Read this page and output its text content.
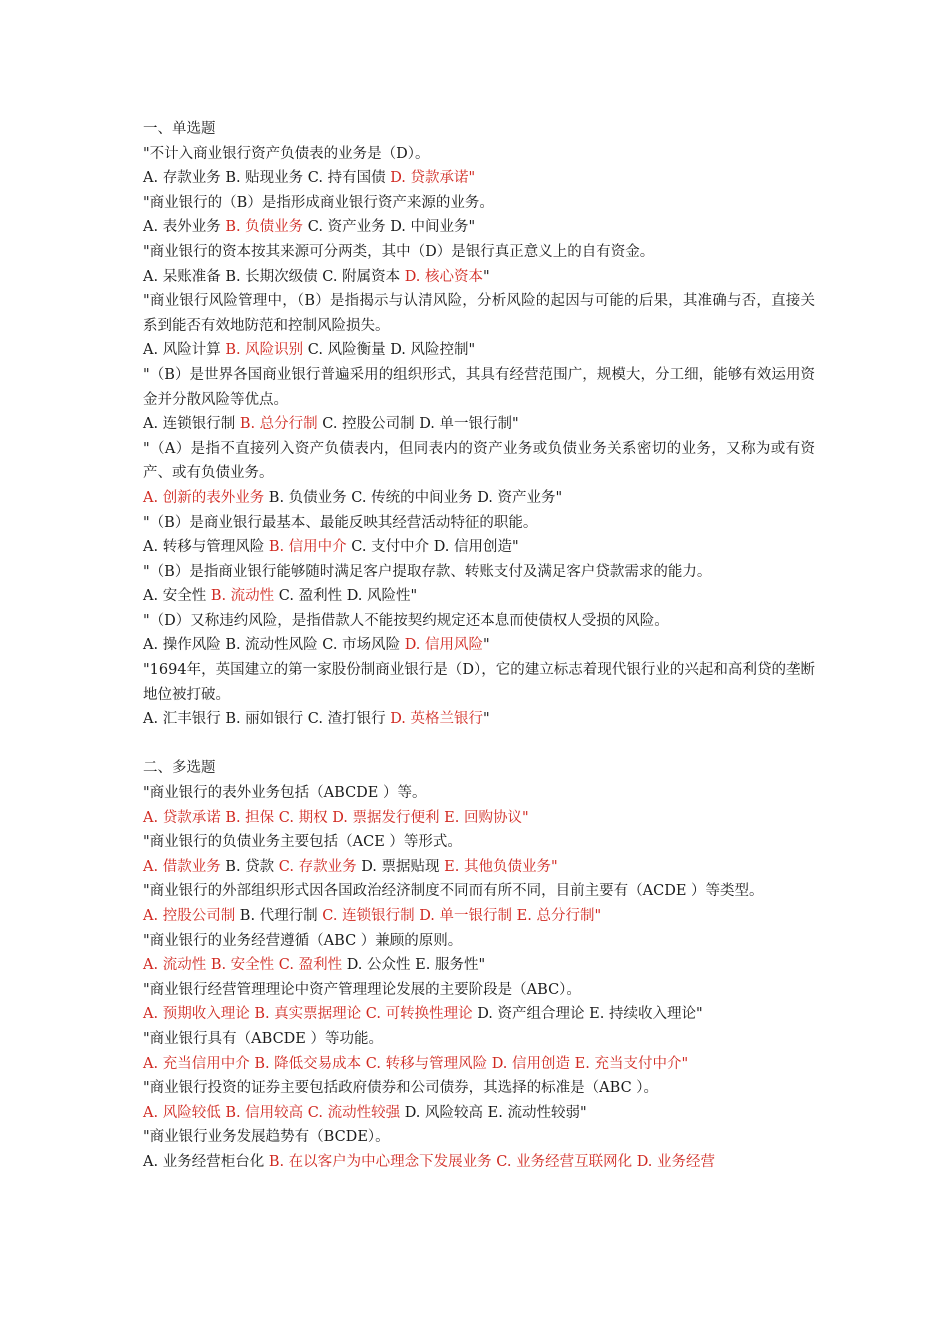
一、单选题

"不计入商业银行资产负债表的业务是（D）。

A. 存款业务 B. 贴现业务 C. 持有国债 D. 贷款承诺"

"商业银行的（B）是指形成商业银行资产来源的业务。

A. 表外业务 B. 负债业务 C. 资产业务 D. 中间业务"

"商业银行的资本按其来源可分两类，其中（D）是银行真正意义上的自有资金。

A. 呆账准备 B. 长期次级债 C. 附属资本 D. 核心资本"

"商业银行风险管理中，（B）是指揭示与认清风险，分析风险的起因与可能的后果，其准确与否，直接关系到能否有效地防范和控制风险损失。

A. 风险计算 B. 风险识别 C. 风险衡量 D. 风险控制"

"（B）是世界各国商业银行普遍采用的组织形式，其具有经营范围广，规模大，分工细，能够有效运用资金并分散风险等优点。

A. 连锁银行制 B. 总分行制 C. 控股公司制 D. 单一银行制"

"（A）是指不直接列入资产负债表内，但同表内的资产业务或负债业务关系密切的业务，又称为或有资产、或有负债业务。

A. 创新的表外业务 B. 负债业务 C. 传统的中间业务 D. 资产业务"

"（B）是商业银行最基本、最能反映其经营活动特征的职能。

A. 转移与管理风险 B. 信用中介 C. 支付中介 D. 信用创造"

"（B）是指商业银行能够随时满足客户提取存款、转账支付及满足客户贷款需求的能力。

A. 安全性 B. 流动性 C. 盈利性 D. 风险性"

"（D）又称违约风险，是指借款人不能按契约规定还本息而使债权人受损的风险。

A. 操作风险 B. 流动性风险 C. 市场风险 D. 信用风险"

"1694年，英国建立的第一家股份制商业银行是（D），它的建立标志着现代银行业的兴起和高利贷的垄断地位被打破。

A. 汇丰银行 B. 丽如银行 C. 渣打银行 D. 英格兰银行"

二、多选题

"商业银行的表外业务包括（ABCDE ）等。

A. 贷款承诺 B. 担保 C. 期权 D. 票据发行便利 E. 回购协议"

"商业银行的负债业务主要包括（ACE ）等形式。

A. 借款业务 B. 贷款 C. 存款业务 D. 票据贴现 E. 其他负债业务"

"商业银行的外部组织形式因各国政治经济制度不同而有所不同，目前主要有（ACDE ）等类型。

A. 控股公司制 B. 代理行制 C. 连锁银行制 D. 单一银行制 E. 总分行制"

"商业银行的业务经营遵循（ABC ）兼顾的原则。

A. 流动性 B. 安全性 C. 盈利性 D. 公众性 E. 服务性"

"商业银行经营管理理论中资产管理理论发展的主要阶段是（ABC）。

A. 预期收入理论 B. 真实票据理论 C. 可转换性理论 D. 资产组合理论 E. 持续收入理论"

"商业银行具有（ABCDE ）等功能。

A. 充当信用中介 B. 降低交易成本 C. 转移与管理风险 D. 信用创造 E. 充当支付中介"

"商业银行投资的证券主要包括政府债券和公司债券，其选择的标准是（ABC ）。

A. 风险较低 B. 信用较高 C. 流动性较强 D. 风险较高 E. 流动性较弱"

"商业银行业务发展趋势有（BCDE）。

A. 业务经营柜台化 B. 在以客户为中心理念下发展业务 C. 业务经营互联网化 D. 业务经营
